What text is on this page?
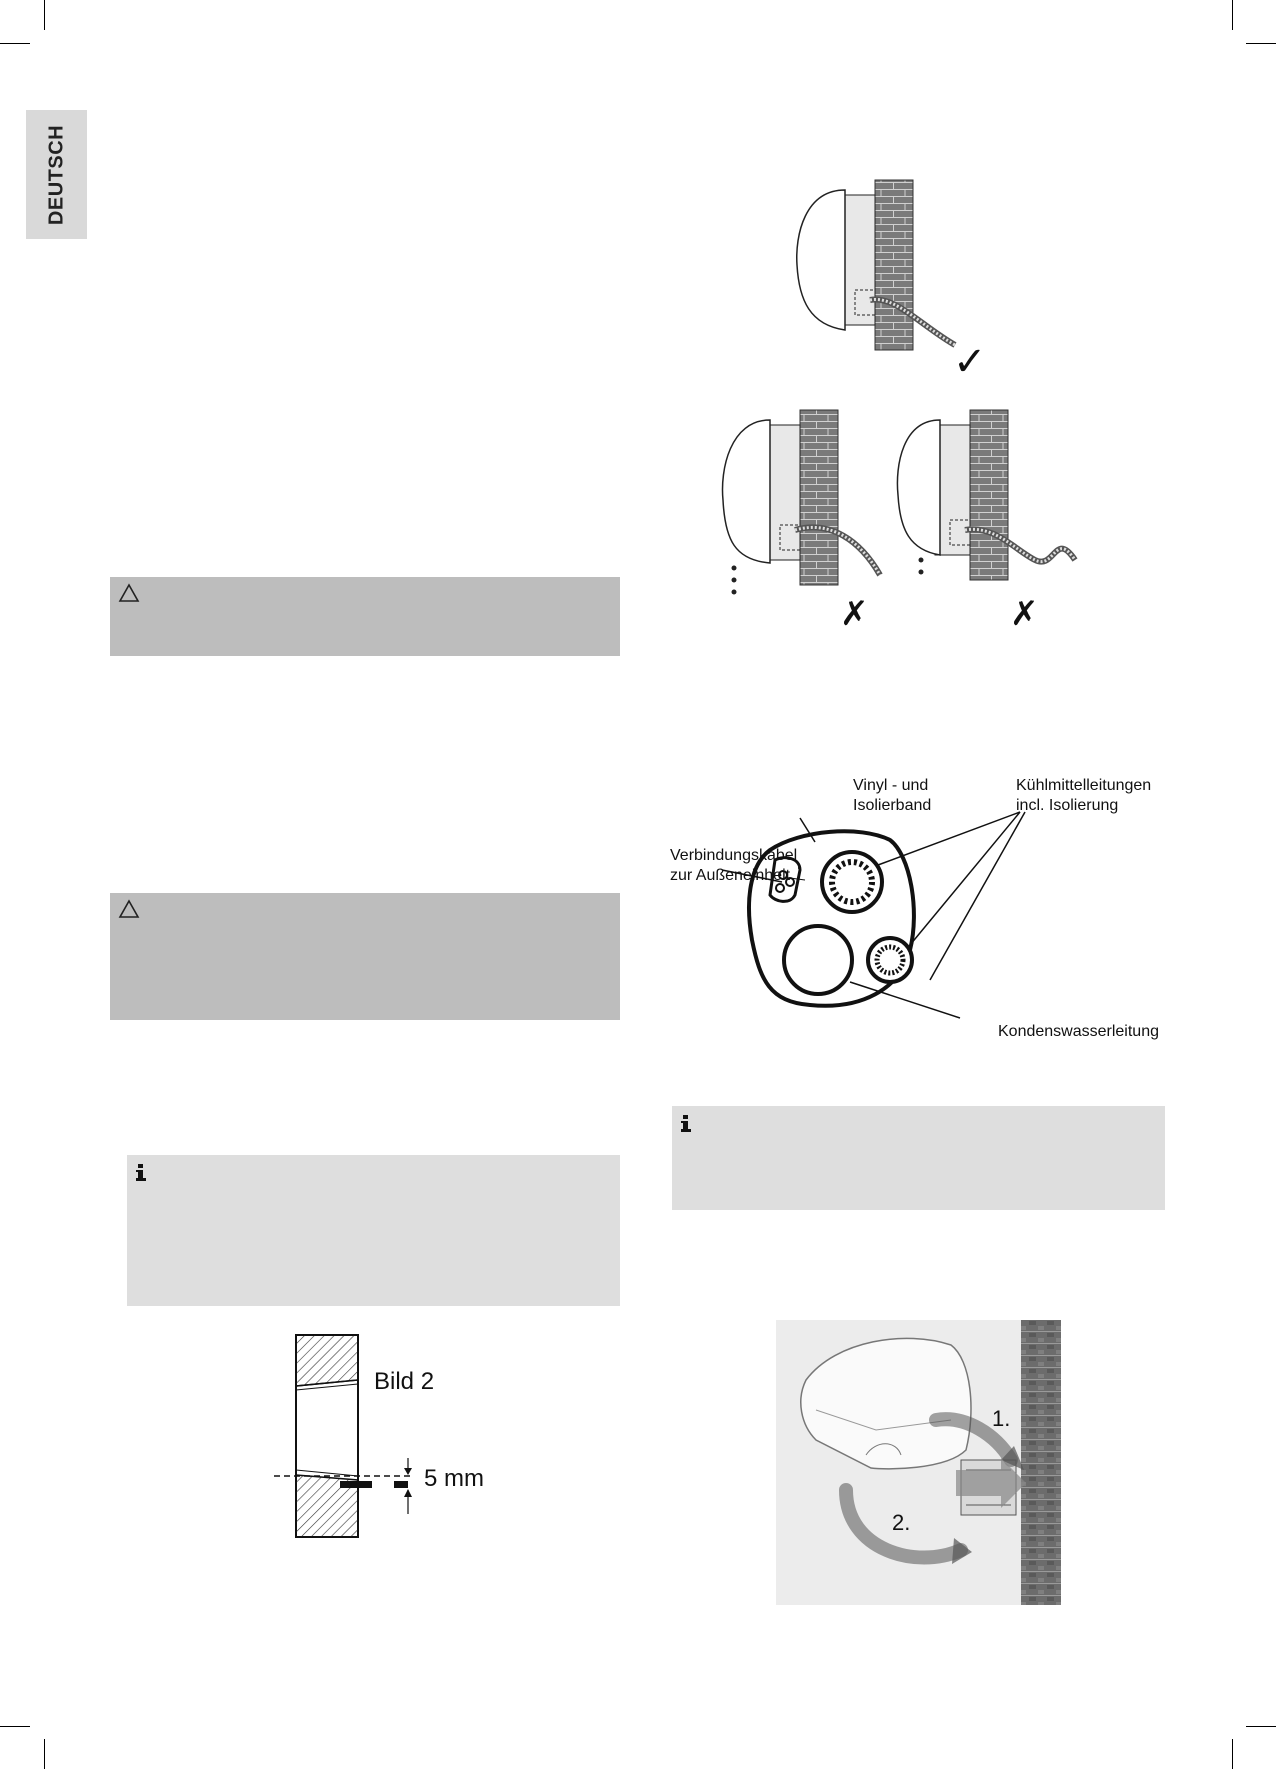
DEUTSCH
Bild 2
5 mm
✓
✗	✗
Vinyl - und
Isolierband
Kühlmittelleitungen
incl. Isolierung
Verbindungskabel
zur Außeneinheit
Kondenswasserleitung
1.
2.
